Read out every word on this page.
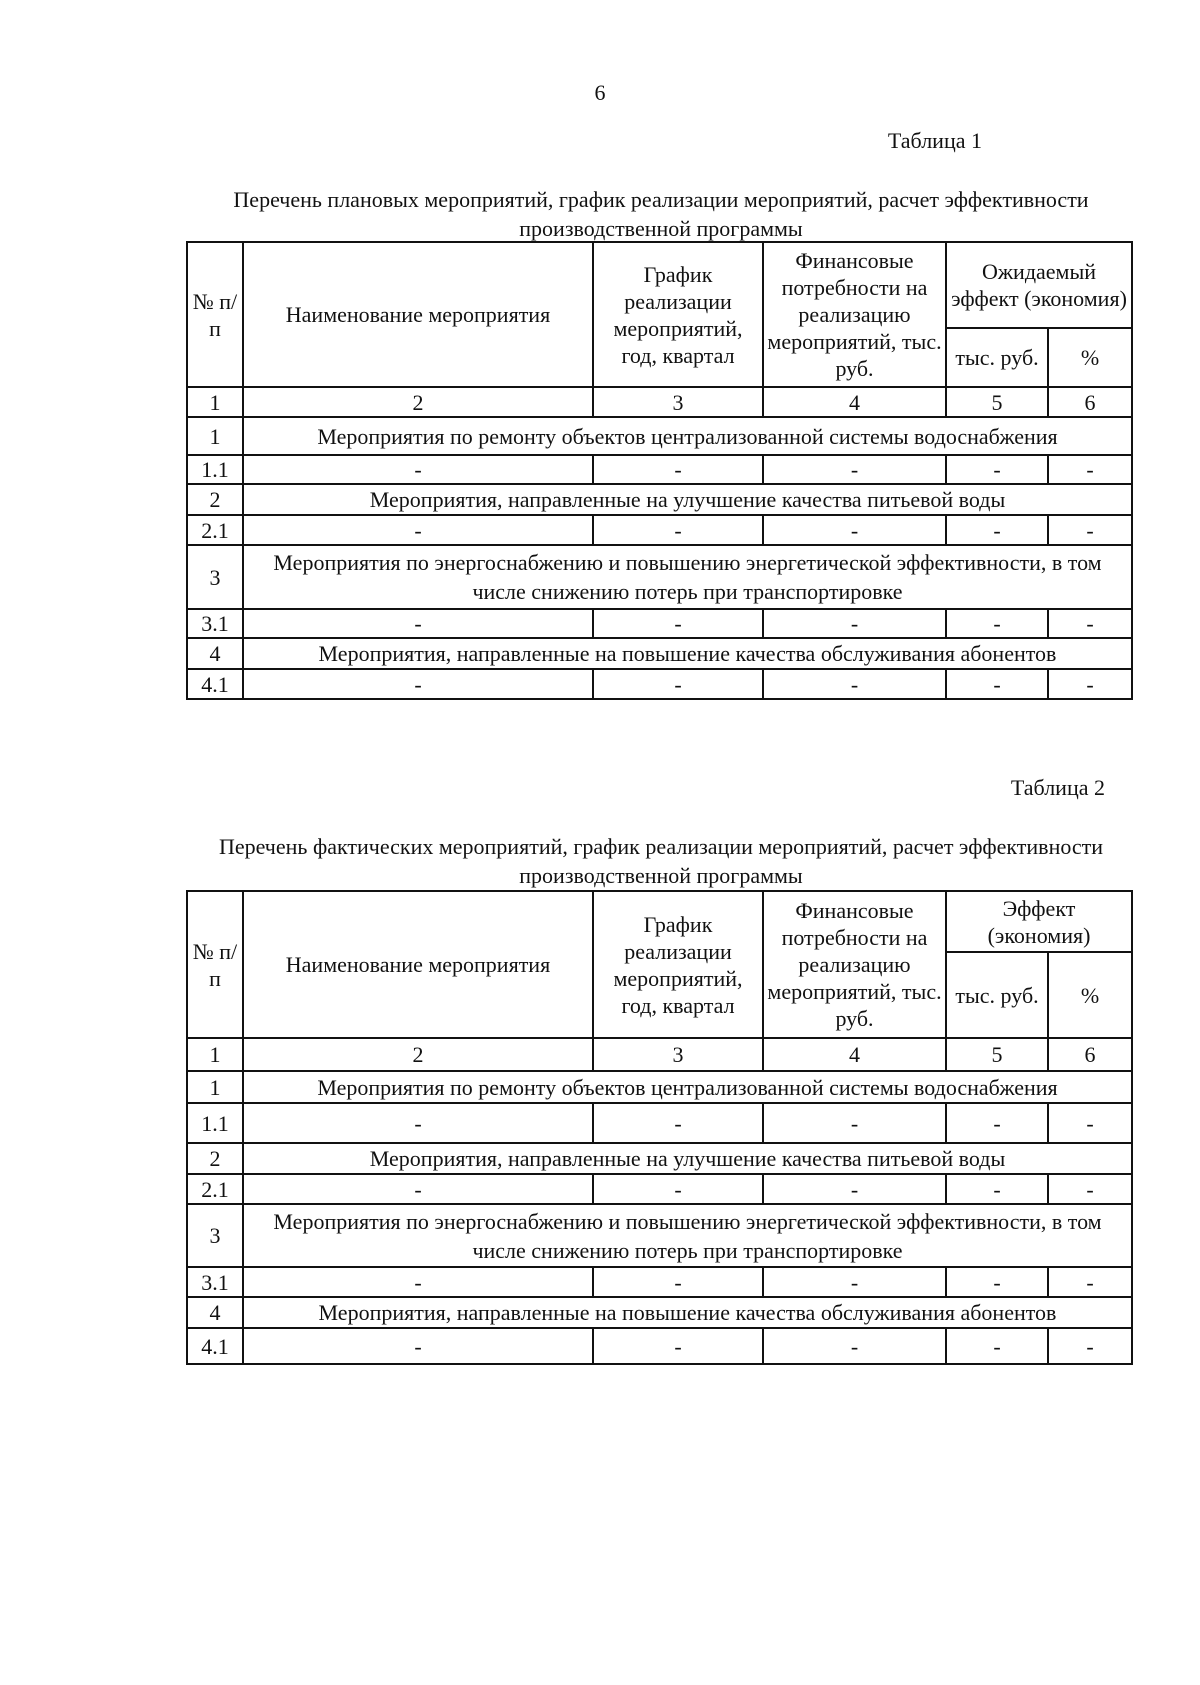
6
Таблица 1
Перечень плановых мероприятий, график реализации мероприятий, расчет эффективности производственной программы
№ п/п	Наименование мероприятия	График реализации мероприятий, год, квартал	Финансовые потребности на реализацию мероприятий, тыс. руб.	Ожидаемый эффект (экономия)	
				тыс. руб.	%
1	2	3	4	5	6
1	Мероприятия по ремонту объектов централизованной системы водоснабжения				
1.1	-	-	-	-	-
2	Мероприятия, направленные на улучшение качества питьевой воды				
2.1	-	-	-	-	-
3	Мероприятия по энергоснабжению и повышению энергетической эффективности, в том числе снижению потерь при транспортировке				
3.1	-	-	-	-	-
4	Мероприятия, направленные на повышение качества обслуживания абонентов				
4.1	-	-	-	-	-
Таблица 2
Перечень фактических мероприятий, график реализации мероприятий, расчет эффективности производственной программы
№ п/п	Наименование мероприятия	График реализации мероприятий, год, квартал	Финансовые потребности на реализацию мероприятий, тыс. руб.	Эффект (экономия)	
				тыс. руб.	%
1	2	3	4	5	6
1	Мероприятия по ремонту объектов централизованной системы водоснабжения				
1.1	-	-	-	-	-
2	Мероприятия, направленные на улучшение качества питьевой воды				
2.1	-	-	-	-	-
3	Мероприятия по энергоснабжению и повышению энергетической эффективности, в том числе снижению потерь при транспортировке				
3.1	-	-	-	-	-
4	Мероприятия, направленные на повышение качества обслуживания абонентов				
4.1	-	-	-	-	-
